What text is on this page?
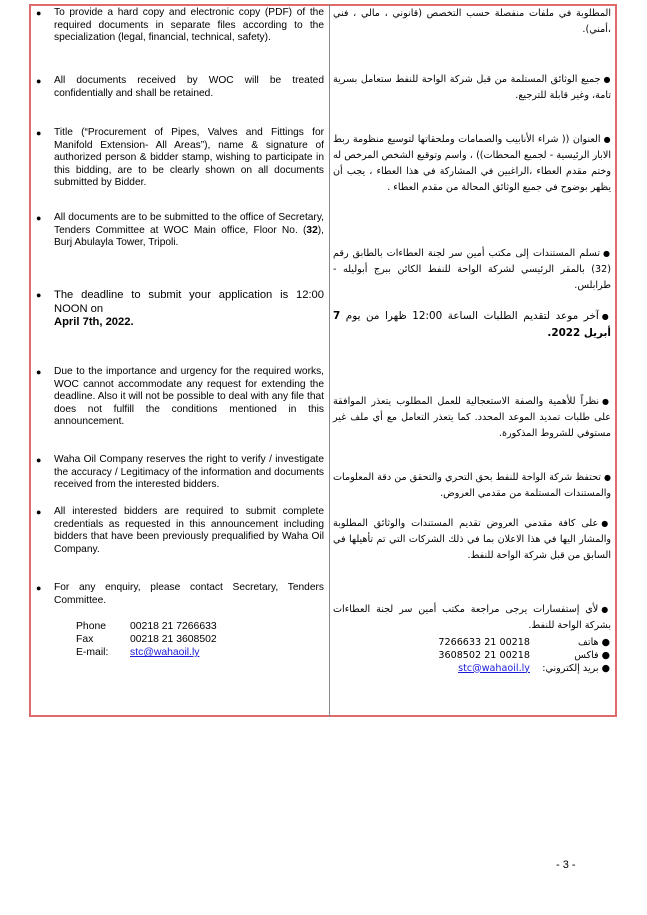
● To provide a hard copy and electronic copy (PDF) of the required documents in separate files according to the specialization (legal, financial, technical, safety).
● All documents received by WOC will be treated confidentially and shall be retained.
● Title (“Procurement of Pipes, Valves and Fittings for Manifold Extension- All Areas”), name & signature of authorized person & bidder stamp, wishing to participate in this bidding, are to be clearly shown on all documents submitted by Bidder.
● All documents are to be submitted to the office of Secretary, Tenders Committee at WOC Main office, Floor No. (32), Burj Abulayla Tower, Tripoli.
● The deadline to submit your application is 12:00 NOON on
April 7th, 2022.
● Due to the importance and urgency for the required works, WOC cannot accommodate any request for extending the deadline. Also it will not be possible to deal with any file that does not fulfill the conditions mentioned in this announcement.
● Waha Oil Company reserves the right to verify / investigate the accuracy / Legitimacy of the information and documents received from the interested bidders.
● All interested bidders are required to submit complete credentials as requested in this announcement including bidders that have been previously prequalified by Waha Oil Company.
● For any enquiry, please contact Secretary, Tenders Committee.
Phone	00218 21 7266633
Fax	00218 21 3608502
E-mail:	stc@wahaoil.ly
المطلوبة في ملفات منفصلة حسب التخصص (قانوني ، مالي ، فني ،أمني).
●جميع الوثائق المستلمة من قبل شركة الواحة للنفط ستعامل بسرية تامة، وغير قابلة للترجيع.
●العنوان (( شراء الأنابيب والصمامات وملحقاتها لتوسيع منظومة ربط الابار الرئيسية - لجميع المحطات)) ، واسم وتوقيع الشخص المرخص له وختم مقدم العطاء ،الراغبين في المشاركة في هذا العطاء ، يجب أن يظهر بوضوح في جميع الوثائق المحالة من مقدم العطاء .
●تسلم المستندات إلى مكتب أمين سر لجنة العطاءات بالطابق رقم (32) بالمقر الرئيسي لشركة الواحة للنفط الكائن ببرج أبوليله - طرابلس.
●آخر موعد لتقديم الطلبات الساعة 12:00 ظهرا من يوم 7 أبريل 2022.
●نظراً للأهمية والصفة الاستعجالية للعمل المطلوب يتعذر الموافقة على طلبات تمديد الموعد المحدد. كما يتعذر التعامل مع أي ملف غير مستوفي للشروط المذكورة.
●تحتفظ شركة الواحة للنفط بحق التحري والتحقق من دقة المعلومات والمستندات المستلمة من مقدمي العروض.
●على كافة مقدمي العروض تقديم المستندات والوثائق المطلوبة والمشار اليها في هذا الاعلان بما في ذلك الشركات التي تم تأهيلها في السابق من قبل شركة الواحة للنفط.
●لأي إستفسارات يرجى مراجعة مكتب أمين سر لجنة العطاءات بشركة الواحة للنفط.
● هاتف
00218 21 7266633
● فاكس
00218 21 3608502
● بريد إلكتروني:
stc@wahaoil.ly
- 3 -
